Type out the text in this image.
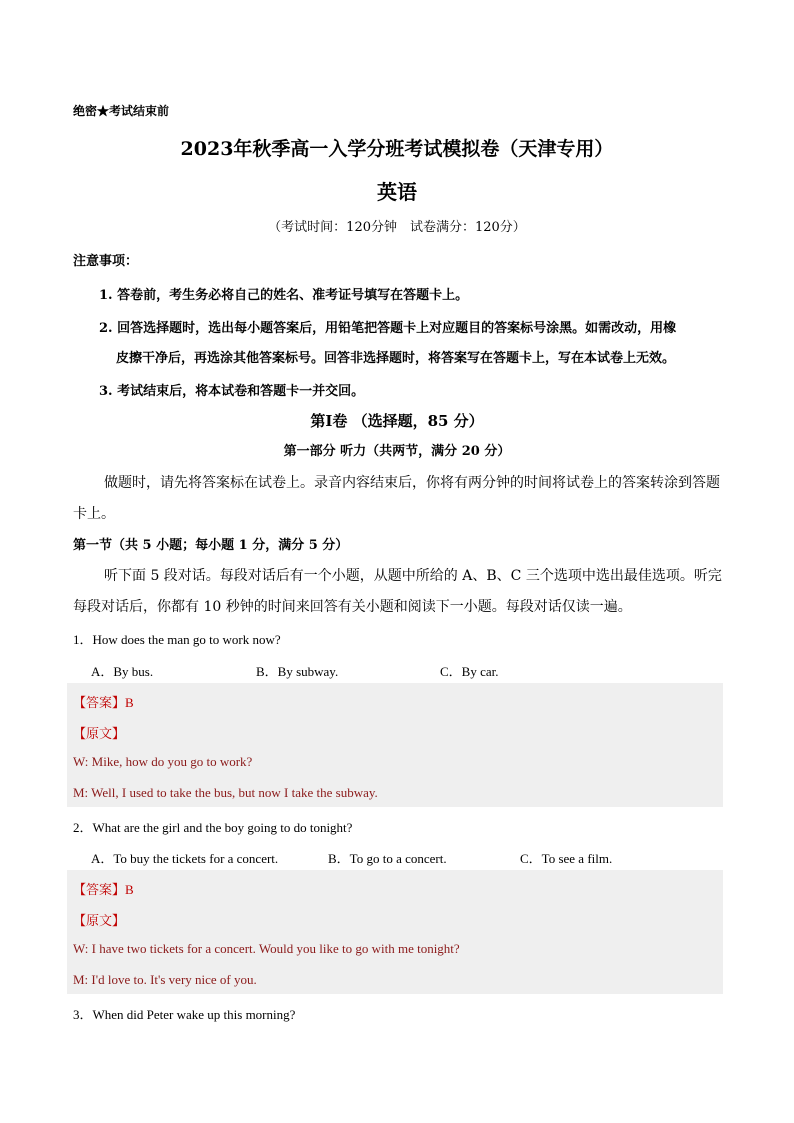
绝密★考试结束前
2023年秋季高一入学分班考试模拟卷（天津专用）
英语
（考试时间：120分钟　试卷满分：120分）
注意事项：
1. 答卷前，考生务必将自己的姓名、准考证号填写在答题卡上。
2. 回答选择题时，选出每小题答案后，用铅笔把答题卡上对应题目的答案标号涂黑。如需改动，用橡
皮擦干净后，再选涂其他答案标号。回答非选择题时，将答案写在答题卡上，写在本试卷上无效。
3. 考试结束后，将本试卷和答题卡一并交回。
第Ⅰ卷 （选择题，85 分）
第一部分 听力（共两节，满分 20 分）
做题时，请先将答案标在试卷上。录音内容结束后，你将有两分钟的时间将试卷上的答案转涂到答题
卡上。
第一节（共 5 小题；每小题 1 分，满分 5 分）
听下面 5 段对话。每段对话后有一个小题，从题中所给的 A、B、C 三个选项中选出最佳选项。听完
每段对话后，你都有 10 秒钟的时间来回答有关小题和阅读下一小题。每段对话仅读一遍。
1．How does the man go to work now?
A．By bus.	B．By subway.	C．By car.
【答案】B
【原文】
W: Mike, how do you go to work?
M: Well, I used to take the bus, but now I take the subway.
2．What are the girl and the boy going to do tonight?
A．To buy the tickets for a concert.	B．To go to a concert.	C．To see a film.
【答案】B
【原文】
W: I have two tickets for a concert. Would you like to go with me tonight?
M: I'd love to. It's very nice of you.
3．When did Peter wake up this morning?
